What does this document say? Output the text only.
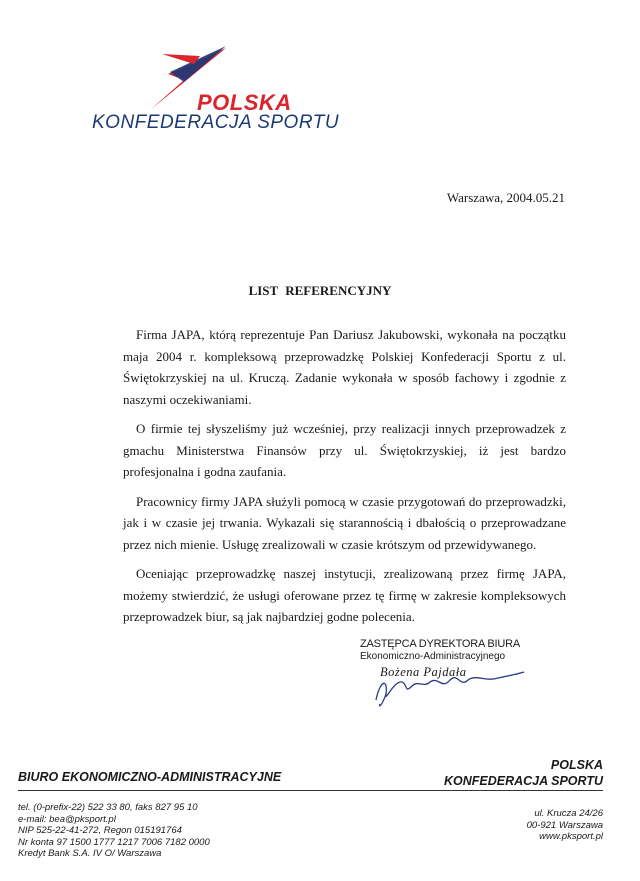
POLSKA
KONFEDERACJA SPORTU
Warszawa, 2004.05.21
LIST REFERENCYJNY

Firma JAPA, którą reprezentuje Pan Dariusz Jakubowski, wykonała na początku maja 2004 r. kompleksową przeprowadzkę Polskiej Konfederacji Sportu z ul. Świętokrzyskiej na ul. Kruczą. Zadanie wykonała w sposób fachowy i zgodnie z naszymi oczekiwaniami.

O firmie tej słyszeliśmy już wcześniej, przy realizacji innych przeprowadzek z gmachu Ministerstwa Finansów przy ul. Świętokrzyskiej, iż jest bardzo profesjonalna i godna zaufania.

Pracownicy firmy JAPA służyli pomocą w czasie przygotowań do przeprowadzki, jak i w czasie jej trwania. Wykazali się starannością i dbałością o przeprowadzane przez nich mienie. Usługę zrealizowali w czasie krótszym od przewidywanego.

Oceniając przeprowadzkę naszej instytucji, zrealizowaną przez firmę JAPA, możemy stwierdzić, że usługi oferowane przez tę firmę w zakresie kompleksowych przeprowadzek biur, są jak najbardziej godne polecenia.

ZASTĘPCA DYREKTORA BIURA
Ekonomiczno-Administracyjnego
Bożena Pajdała
BIURO EKONOMICZNO-ADMINISTRACYJNE
POLSKA
KONFEDERACJA SPORTU
tel. (0-prefix-22) 522 33 80, faks 827 95 10
e-mail: bea@pksport.pl
NIP 525-22-41-272, Regon 015191764
Nr konta 97 1500 1777 1217 7006 7182 0000
Kredyt Bank S.A. IV O/ Warszawa
ul. Krucza 24/26
00-921 Warszawa
www.pksport.pl
